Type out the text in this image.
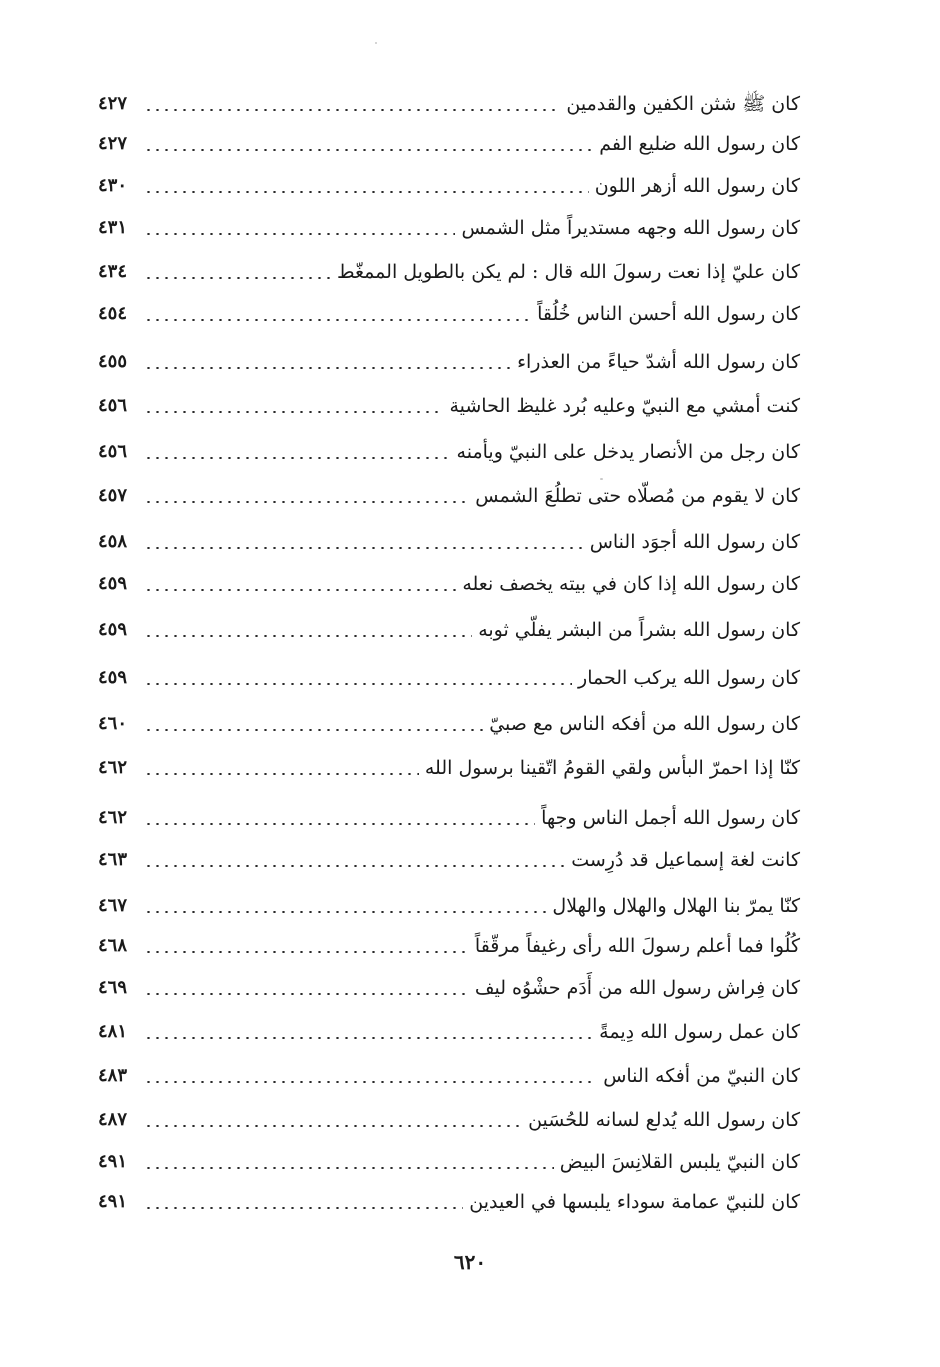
كان ﷺ شثن الكفين والقدمين
٤٢٧
كان رسول الله ضليع الفم
٤٢٧
كان رسول الله أزهر اللون
٤٣٠
كان رسول الله وجهه مستديراً مثل الشمس
٤٣١
كان عليّ إذا نعت رسولَ الله قال : لم يكن بالطويل الممغّط
٤٣٤
كان رسول الله أحسن الناس خُلُقاً
٤٥٤
كان رسول الله أشدّ حياءً من العذراء
٤٥٥
كنت أمشي مع النبيّ وعليه بُرد غليظ الحاشية
٤٥٦
كان رجل من الأنصار يدخل على النبيّ ويأمنه
٤٥٦
كان لا يقوم من مُصلّاه حتى تطلُعَ الشمس
٤٥٧
كان رسول الله أجوَد الناس
٤٥٨
كان رسول الله إذا كان في بيته يخصف نعله
٤٥٩
كان رسول الله بشراً من البشر يفلّي ثوبه
٤٥٩
كان رسول الله يركب الحمار
٤٥٩
كان رسول الله من أفكه الناس مع صبيّ
٤٦٠
كنّا إذا احمرّ البأس ولقي القومُ اتّقينا برسول الله
٤٦٢
كان رسول الله أجمل الناس وجهاً
٤٦٢
كانت لغة إسماعيل قد دُرِست
٤٦٣
كنّا يمرّ بنا الهلال والهلال والهلال
٤٦٧
كُلُوا فما أعلم رسولَ الله رأى رغيفاً مرقّقاً
٤٦٨
كان فِراش رسول الله من أَدَم حشْوُه ليف
٤٦٩
كان عمل رسول الله دِيمةً
٤٨١
كان النبيّ من أفكه الناس
٤٨٣
كان رسول الله يُدلع لسانه للحُسَين
٤٨٧
كان النبيّ يلبس القلانِسَ البيض
٤٩١
كان للنبيّ عمامة سوداء يلبسها في العيدين
٤٩١
٦٢٠
